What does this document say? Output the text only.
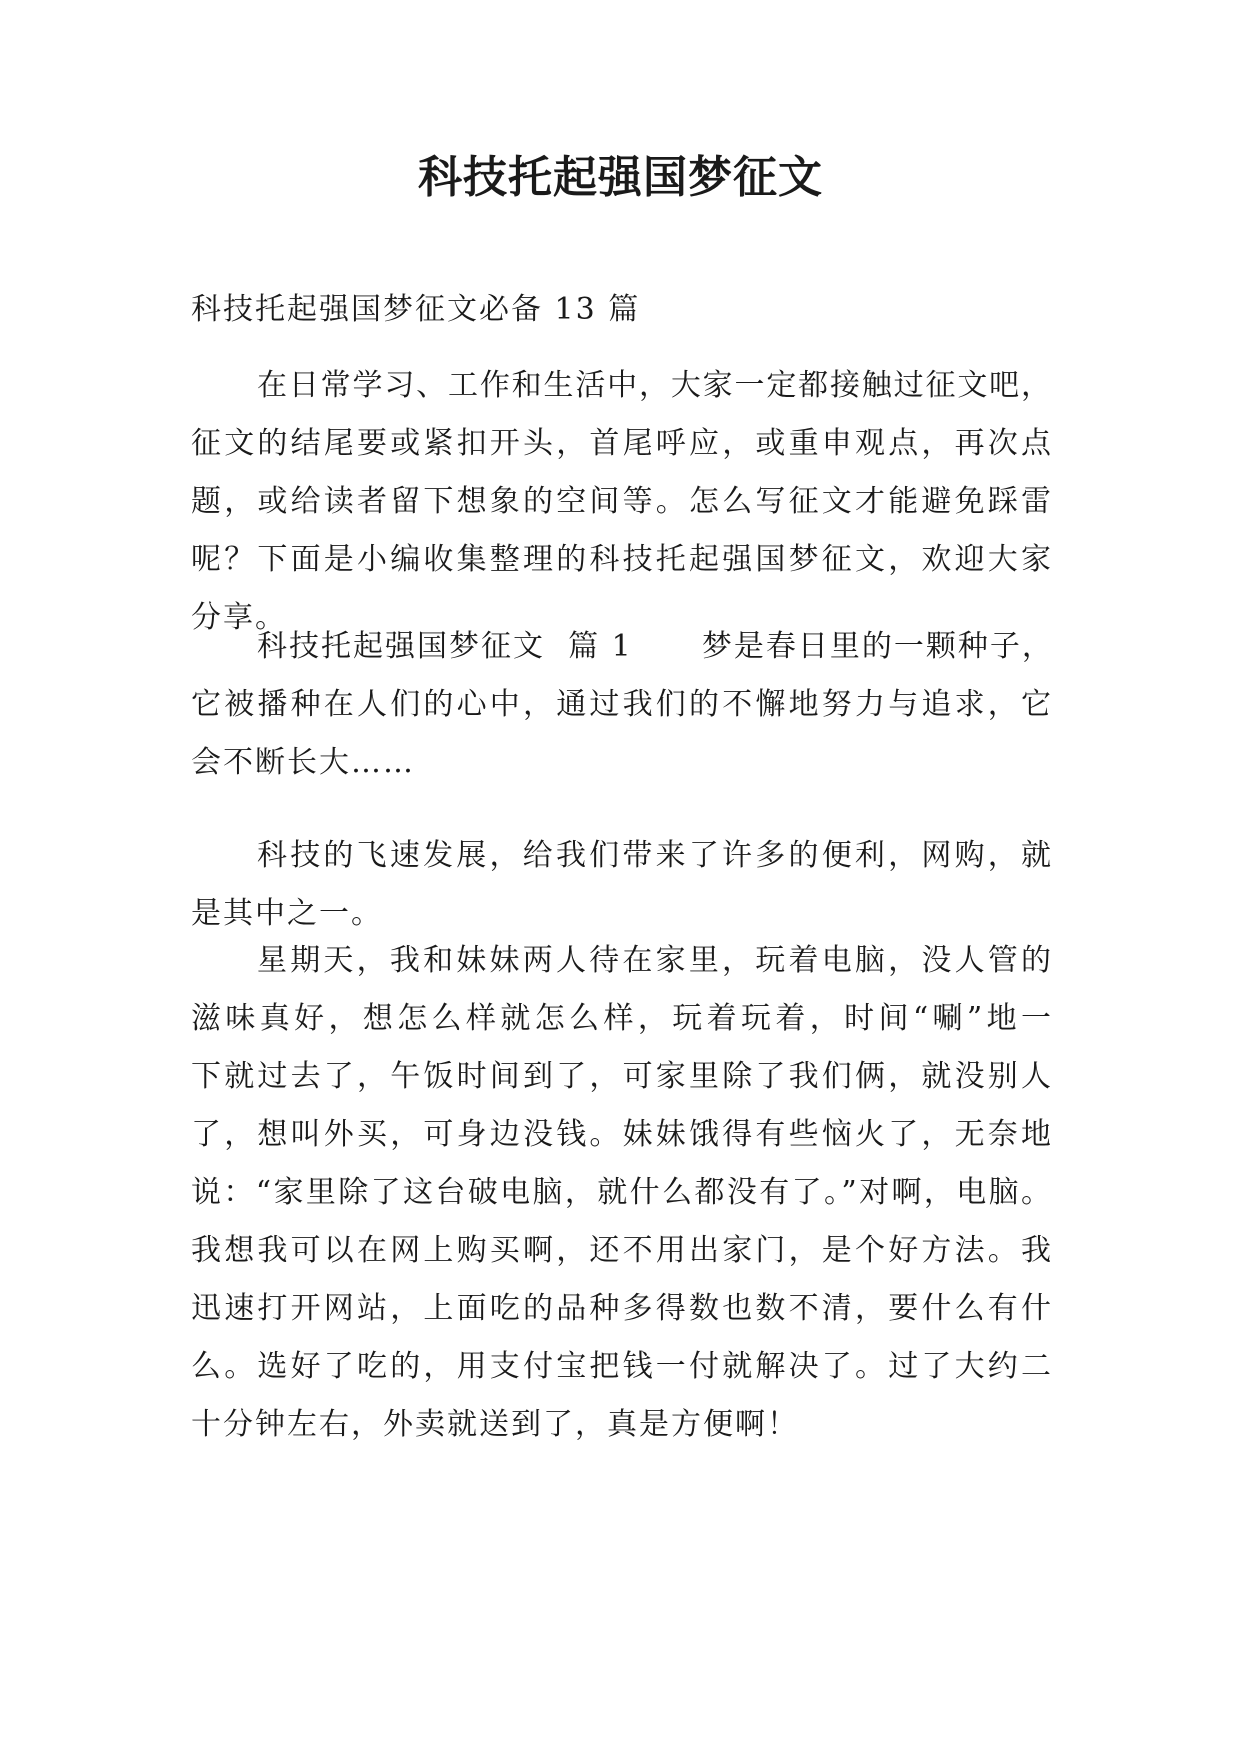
科技托起强国梦征文
科技托起强国梦征文必备 13 篇
在日常学习、工作和生活中，大家一定都接触过征文吧，
征文的结尾要或紧扣开头，首尾呼应，或重申观点，再次点
题，或给读者留下想象的空间等。怎么写征文才能避免踩雷
呢？下面是小编收集整理的科技托起强国梦征文，欢迎大家
分享。
科技托起强国梦征文  篇 1      梦是春日里的一颗种子，
它被播种在人们的心中，通过我们的不懈地努力与追求，它
会不断长大……
科技的飞速发展，给我们带来了许多的便利，网购，就
是其中之一。
星期天，我和妹妹两人待在家里，玩着电脑，没人管的
滋味真好，想怎么样就怎么样，玩着玩着，时间“唰”地一
下就过去了，午饭时间到了，可家里除了我们俩，就没别人
了，想叫外买，可身边没钱。妹妹饿得有些恼火了，无奈地
说：“家里除了这台破电脑，就什么都没有了。”对啊，电脑。
我想我可以在网上购买啊，还不用出家门，是个好方法。我
迅速打开网站，上面吃的品种多得数也数不清，要什么有什
么。选好了吃的，用支付宝把钱一付就解决了。过了大约二
十分钟左右，外卖就送到了，真是方便啊！
